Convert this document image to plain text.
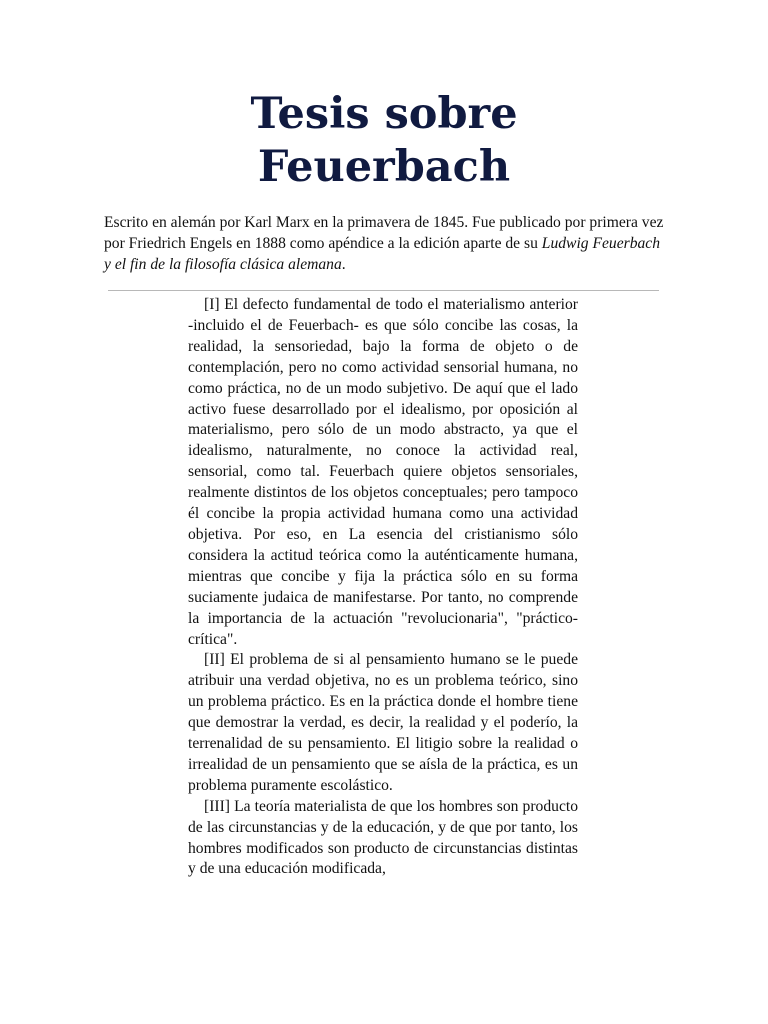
Tesis sobre
Feuerbach

Escrito en alemán por Karl Marx en la primavera de 1845. Fue publicado por primera vez por Friedrich Engels en 1888 como apéndice a la edición aparte de su Ludwig Feuerbach y el fin de la filosofía clásica alemana.

[I] El defecto fundamental de todo el materialismo anterior -incluido el de Feuerbach- es que sólo concibe las cosas, la realidad, la sensoriedad, bajo la forma de objeto o de contemplación, pero no como actividad sensorial humana, no como práctica, no de un modo subjetivo. De aquí que el lado activo fuese desarrollado por el idealismo, por oposición al materialismo, pero sólo de un modo abstracto, ya que el idealismo, naturalmente, no conoce la actividad real, sensorial, como tal. Feuerbach quiere objetos sensoriales, realmente distintos de los objetos conceptuales; pero tampoco él concibe la propia actividad humana como una actividad objetiva. Por eso, en La esencia del cristianismo sólo considera la actitud teórica como la auténticamente humana, mientras que concibe y fija la práctica sólo en su forma suciamente judaica de manifestarse. Por tanto, no comprende la importancia de la actuación "revolucionaria", "práctico-crítica".

[II] El problema de si al pensamiento humano se le puede atribuir una verdad objetiva, no es un problema teórico, sino un problema práctico. Es en la práctica donde el hombre tiene que demostrar la verdad, es decir, la realidad y el poderío, la terrenalidad de su pensamiento. El litigio sobre la realidad o irrealidad de un pensamiento que se aísla de la práctica, es un problema puramente escolástico.

[III] La teoría materialista de que los hombres son producto de las circunstancias y de la educación, y de que por tanto, los hombres modificados son producto de circunstancias distintas y de una educación modificada,
